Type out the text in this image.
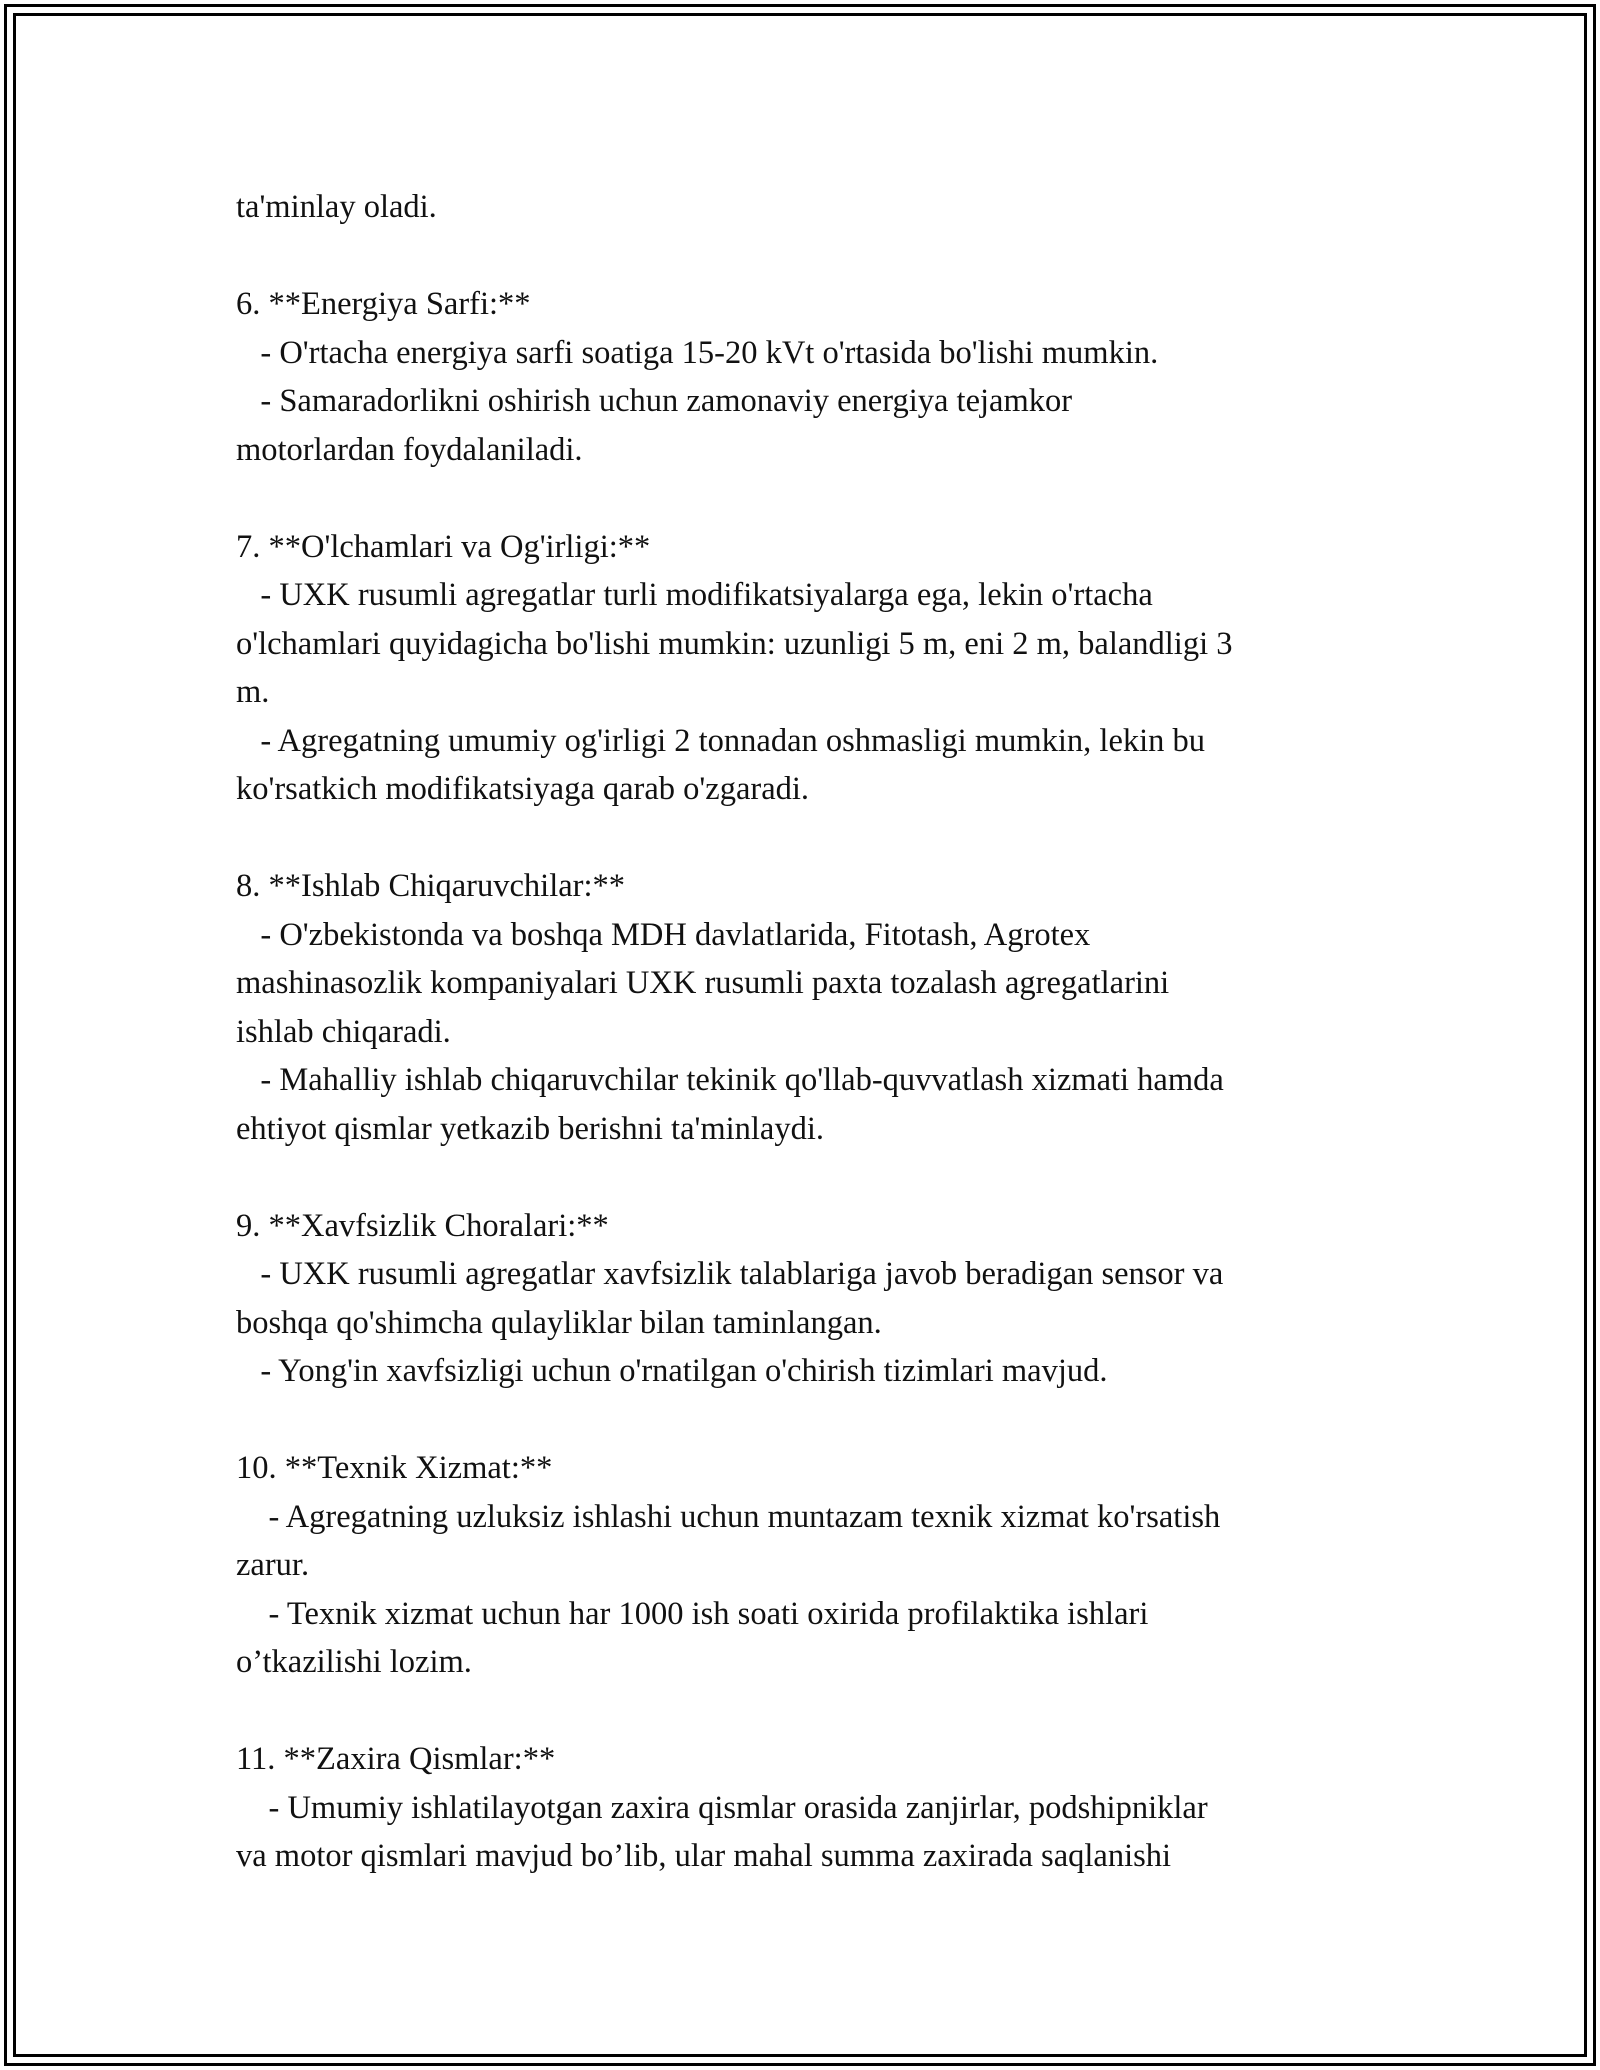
ta'minlay oladi.
6. **Energiya Sarfi:**
- O'rtacha energiya sarfi soatiga 15-20 kVt o'rtasida bo'lishi mumkin.
- Samaradorlikni oshirish uchun zamonaviy energiya tejamkor
motorlardan foydalaniladi.
7. **O'lchamlari va Og'irligi:**
- UXK rusumli agregatlar turli modifikatsiyalarga ega, lekin o'rtacha
o'lchamlari quyidagicha bo'lishi mumkin: uzunligi 5 m, eni 2 m, balandligi 3
m.
- Agregatning umumiy og'irligi 2 tonnadan oshmasligi mumkin, lekin bu
ko'rsatkich modifikatsiyaga qarab o'zgaradi.
8. **Ishlab Chiqaruvchilar:**
- O'zbekistonda va boshqa MDH davlatlarida, Fitotash, Agrotex
mashinasozlik kompaniyalari UXK rusumli paxta tozalash agregatlarini
ishlab chiqaradi.
- Mahalliy ishlab chiqaruvchilar tekinik qo'llab-quvvatlash xizmati hamda
ehtiyot qismlar yetkazib berishni ta'minlaydi.
9. **Xavfsizlik Choralari:**
- UXK rusumli agregatlar xavfsizlik talablariga javob beradigan sensor va
boshqa qo'shimcha qulayliklar bilan taminlangan.
- Yong'in xavfsizligi uchun o'rnatilgan o'chirish tizimlari mavjud.
10. **Texnik Xizmat:**
- Agregatning uzluksiz ishlashi uchun muntazam texnik xizmat ko'rsatish
zarur.
- Texnik xizmat uchun har 1000 ish soati oxirida profilaktika ishlari
o’tkazilishi lozim.
11. **Zaxira Qismlar:**
- Umumiy ishlatilayotgan zaxira qismlar orasida zanjirlar, podshipniklar
va motor qismlari mavjud bo’lib, ular mahal summa zaxirada saqlanishi
